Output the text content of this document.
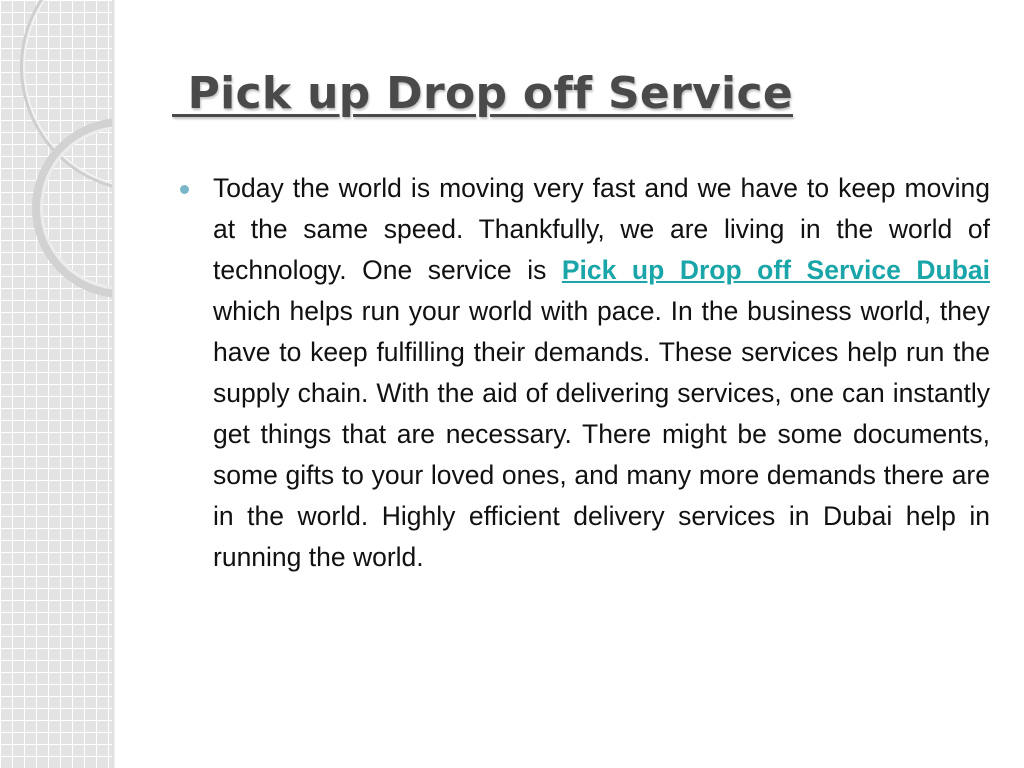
Pick up Drop off Service
Today the world is moving very fast and we have to keep moving at the same speed. Thankfully, we are living in the world of technology. One service is Pick up Drop off Service Dubai which helps run your world with pace. In the business world, they have to keep fulfilling their demands. These services help run the supply chain. With the aid of delivering services, one can instantly get things that are necessary. There might be some documents, some gifts to your loved ones, and many more demands there are in the world. Highly efficient delivery services in Dubai help in running the world.
